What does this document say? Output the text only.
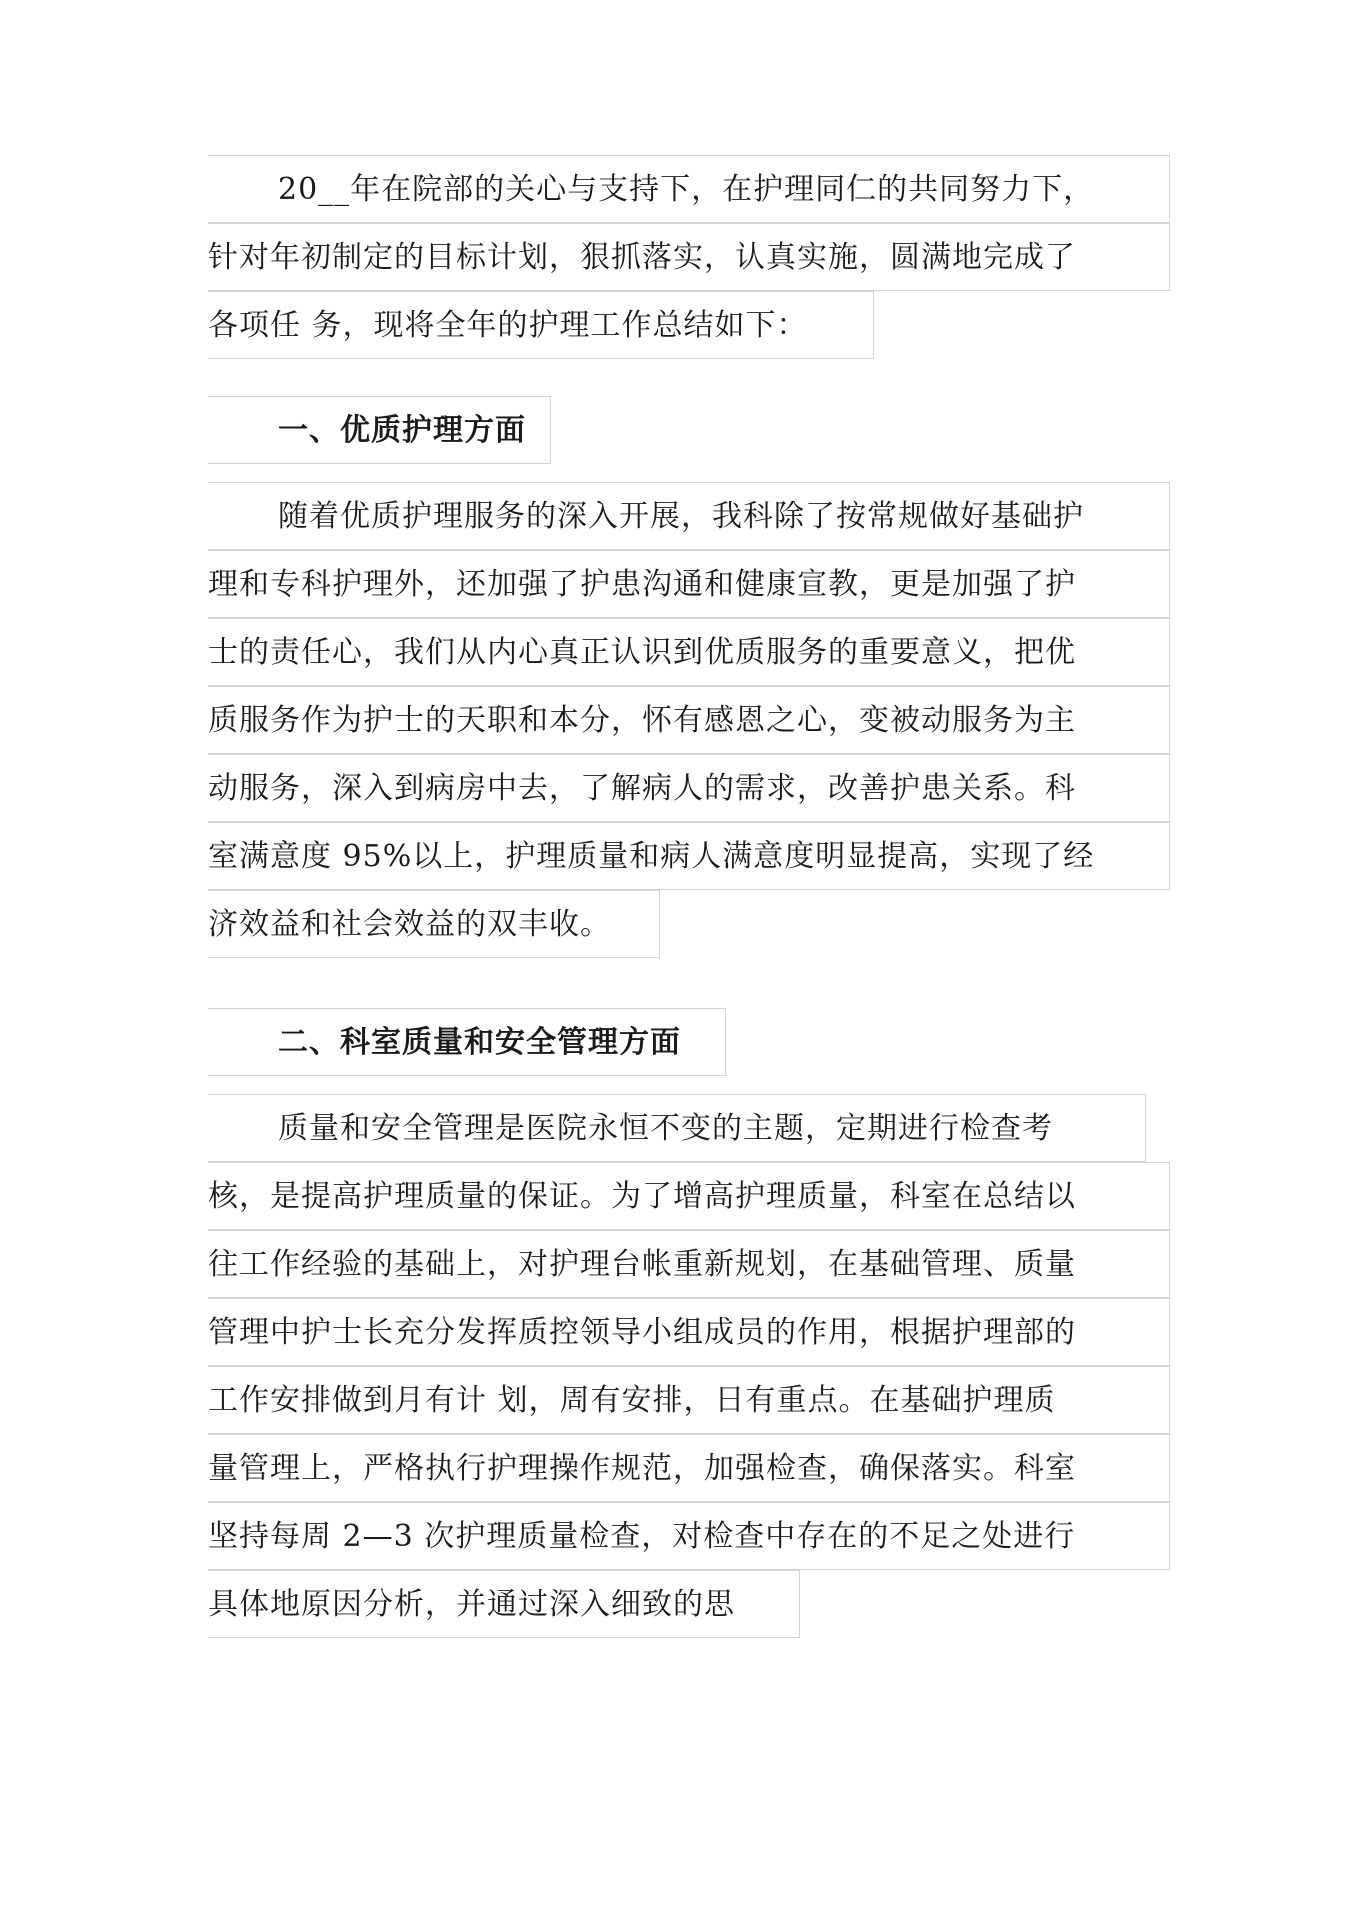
20__年在院部的关心与支持下，在护理同仁的共同努力下，
针对年初制定的目标计划，狠抓落实，认真实施，圆满地完成了
各项任 务，现将全年的护理工作总结如下：
一、优质护理方面
随着优质护理服务的深入开展，我科除了按常规做好基础护
理和专科护理外，还加强了护患沟通和健康宣教，更是加强了护
士的责任心，我们从内心真正认识到优质服务的重要意义，把优
质服务作为护士的天职和本分，怀有感恩之心，变被动服务为主
动服务，深入到病房中去，了解病人的需求，改善护患关系。科
室满意度 95%以上，护理质量和病人满意度明显提高，实现了经
济效益和社会效益的双丰收。
二、科室质量和安全管理方面
质量和安全管理是医院永恒不变的主题，定期进行检查考
核，是提高护理质量的保证。为了增高护理质量，科室在总结以
往工作经验的基础上，对护理台帐重新规划，在基础管理、质量
管理中护士长充分发挥质控领导小组成员的作用，根据护理部的
工作安排做到月有计 划，周有安排，日有重点。在基础护理质
量管理上，严格执行护理操作规范，加强检查，确保落实。科室
坚持每周 2—3 次护理质量检查，对检查中存在的不足之处进行
具体地原因分析，并通过深入细致的思
